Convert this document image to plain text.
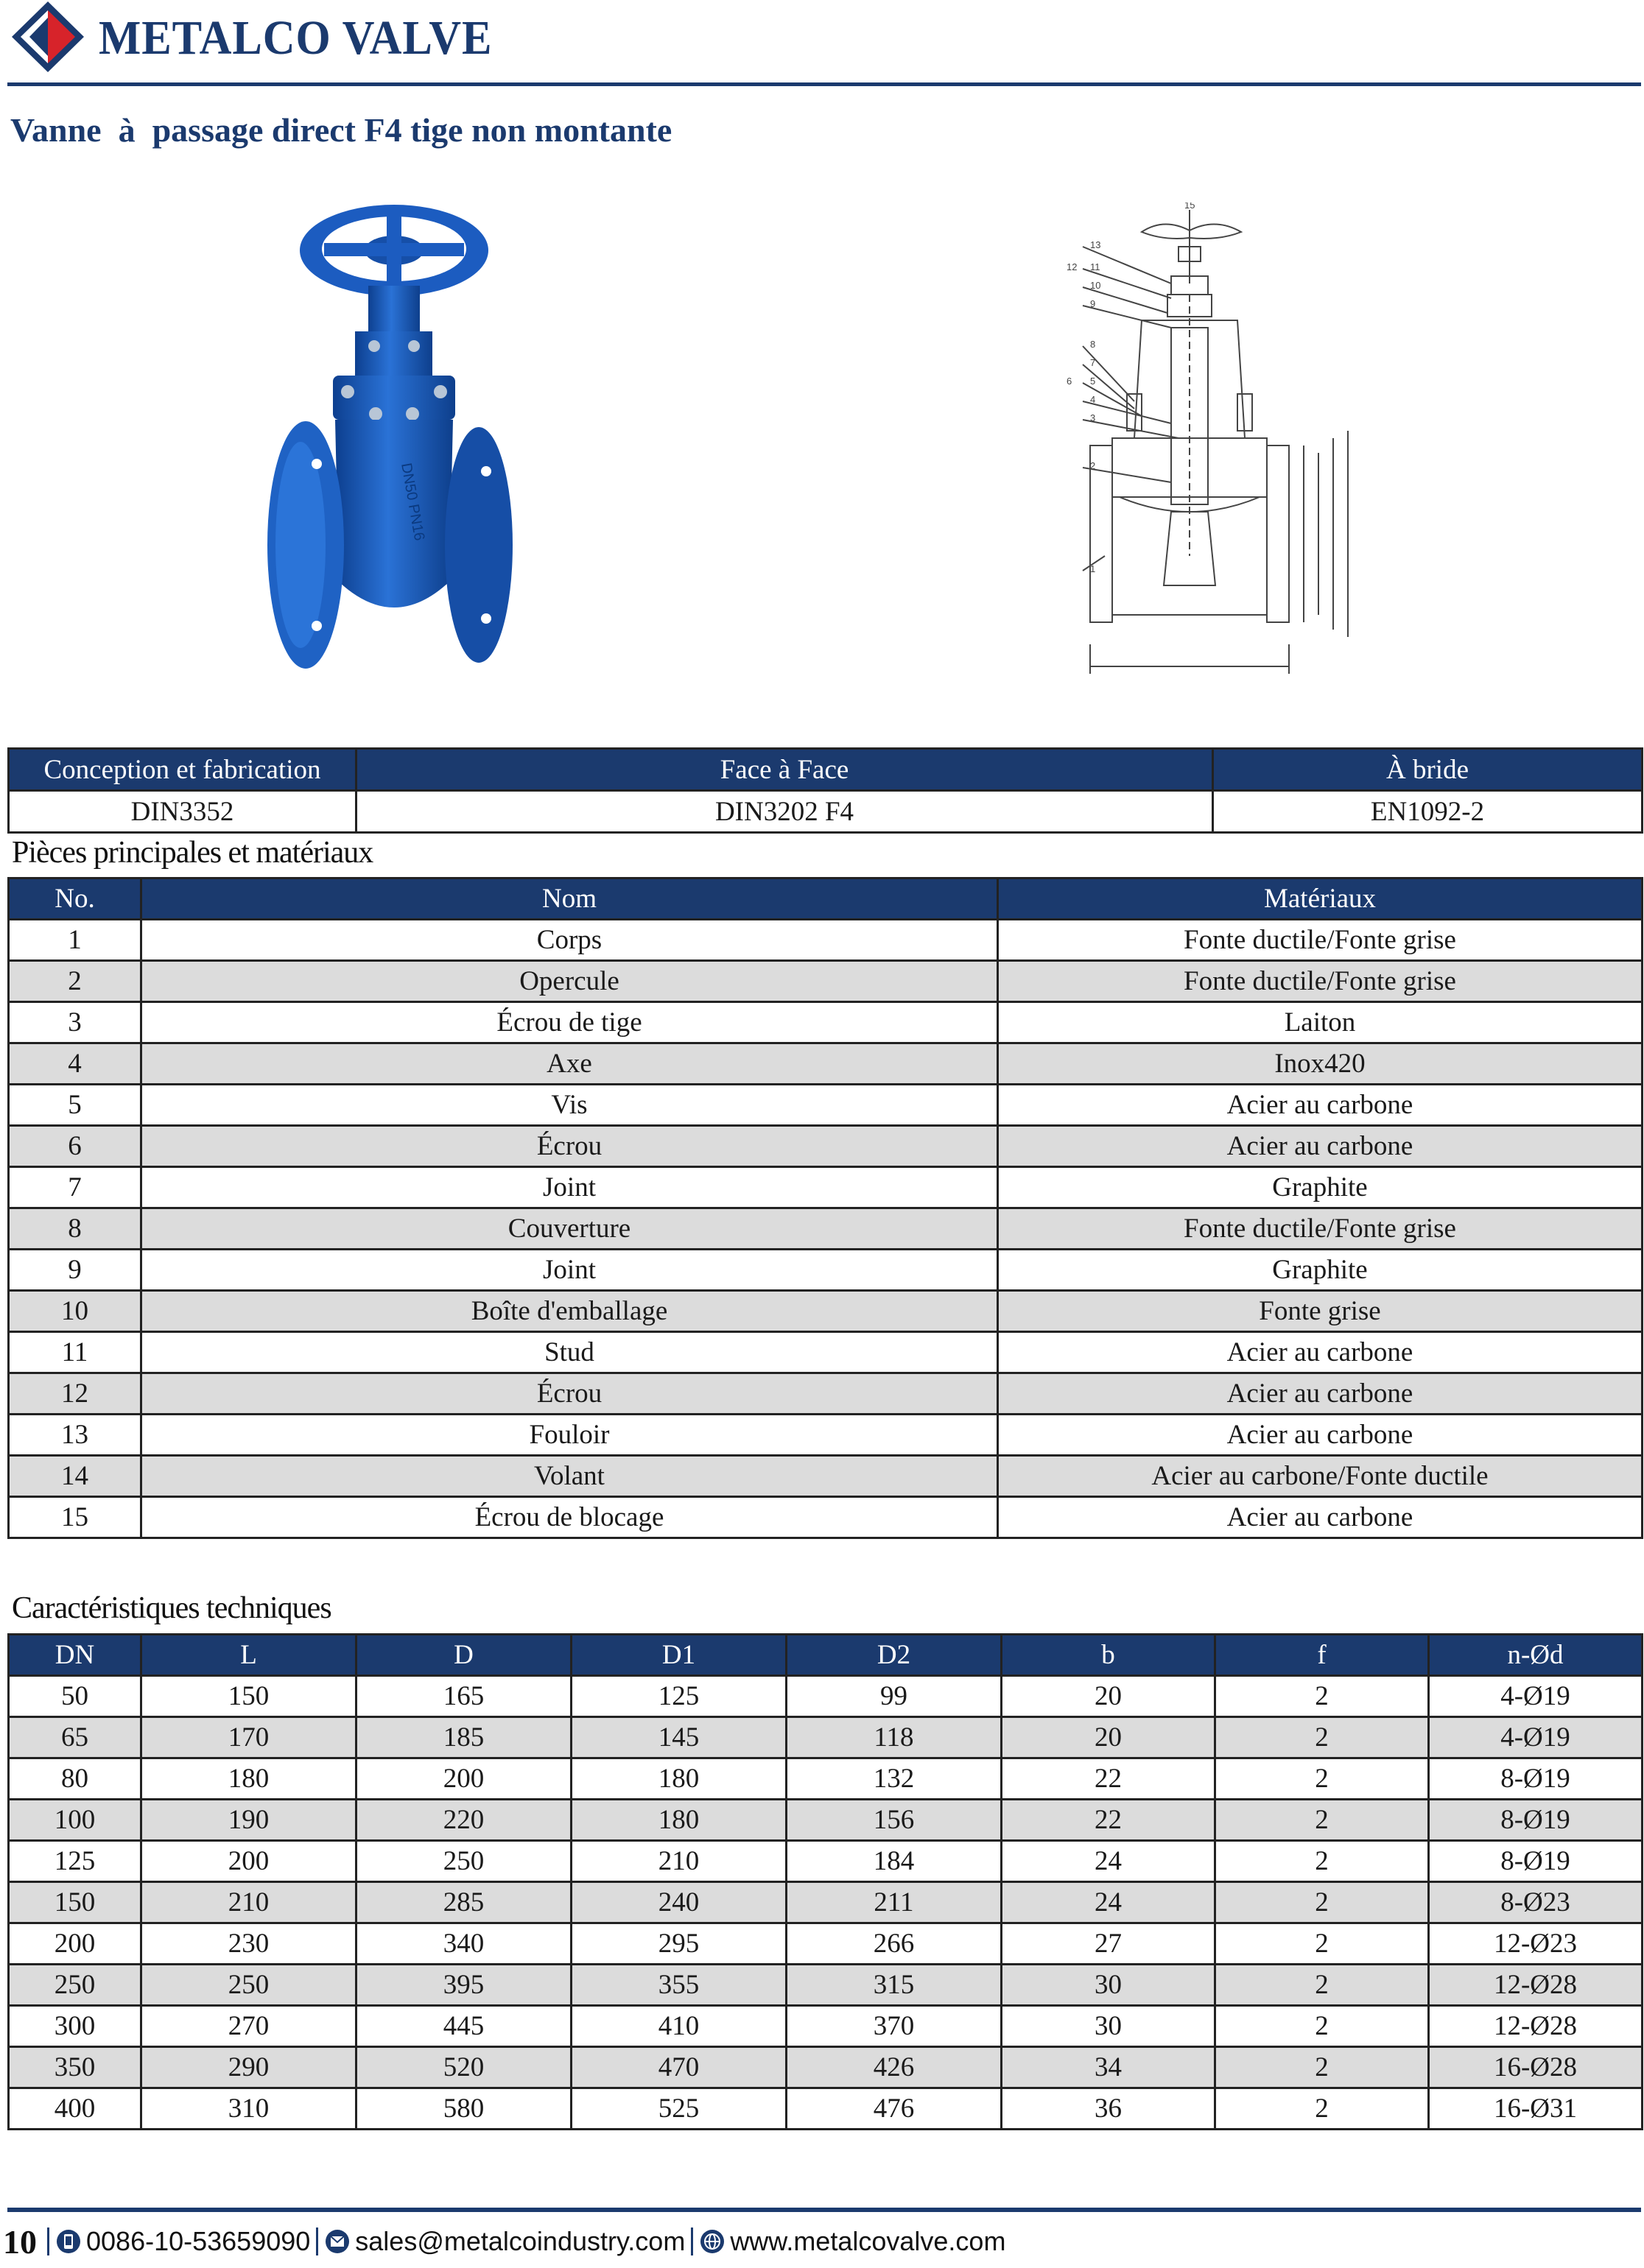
METALCO VALVE
Vanne  à  passage direct F4 tige non montante
DN50 PN16
15
13
12 11
10
9
8
7
6 5
4
3
2
1
Conception et fabrication	Face à Face	À bride
DIN3352	DIN3202 F4	EN1092-2
Pièces principales et matériaux
No.	Nom	Matériaux
1	Corps	Fonte ductile/Fonte grise
2	Opercule	Fonte ductile/Fonte grise
3	Écrou de tige	Laiton
4	Axe	Inox420
5	Vis	Acier au carbone
6	Écrou	Acier au carbone
7	Joint	Graphite
8	Couverture	Fonte ductile/Fonte grise
9	Joint	Graphite
10	Boîte d'emballage	Fonte grise
11	Stud	Acier au carbone
12	Écrou	Acier au carbone
13	Fouloir	Acier au carbone
14	Volant	Acier au carbone/Fonte ductile
15	Écrou de blocage	Acier au carbone
Caractéristiques techniques
DN	L	D	D1	D2	b	f	n-Ød
50	150	165	125	99	20	2	4-Ø19
65	170	185	145	118	20	2	4-Ø19
80	180	200	180	132	22	2	8-Ø19
100	190	220	180	156	22	2	8-Ø19
125	200	250	210	184	24	2	8-Ø19
150	210	285	240	211	24	2	8-Ø23
200	230	340	295	266	27	2	12-Ø23
250	250	395	355	315	30	2	12-Ø28
300	270	445	410	370	30	2	12-Ø28
350	290	520	470	426	34	2	16-Ø28
400	310	580	525	476	36	2	16-Ø31
10 0086-10-53659090 sales@metalcoindustry.com www.metalcovalve.com
